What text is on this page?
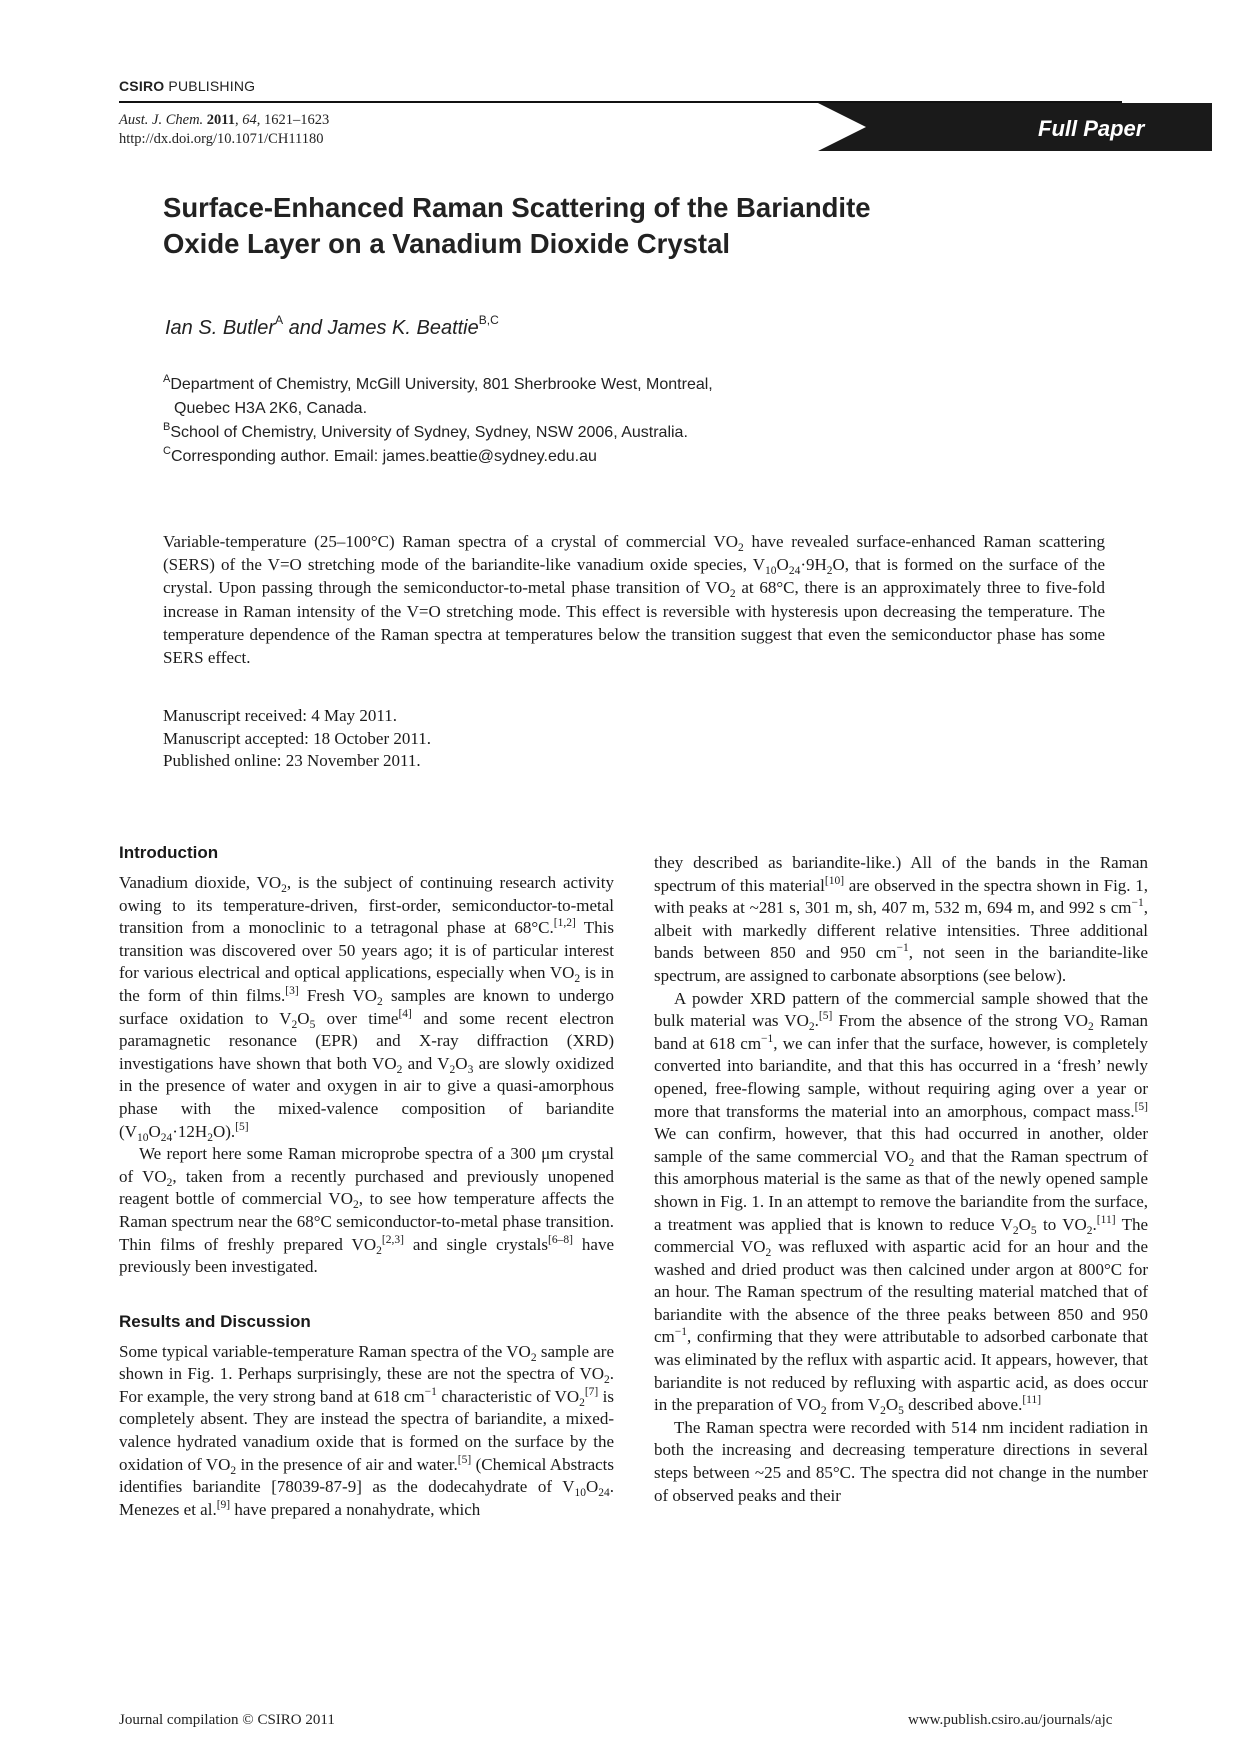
CSIRO PUBLISHING
Aust. J. Chem. 2011, 64, 1621–1623
http://dx.doi.org/10.1071/CH11180	Full Paper
Surface-Enhanced Raman Scattering of the Bariandite
Oxide Layer on a Vanadium Dioxide Crystal
Ian S. Butler$^A$ and James K. Beattie$^{B,C}$
$^A$Department of Chemistry, McGill University, 801 Sherbrooke West, Montreal,
Quebec H3A 2K6, Canada.
$^B$School of Chemistry, University of Sydney, Sydney, NSW 2006, Australia.
$^C$Corresponding author. Email: james.beattie@sydney.edu.au
Variable-temperature (25–100°C) Raman spectra of a crystal of commercial $VO_2$ have revealed surface-enhanced Raman scattering (SERS) of the V=O stretching mode of the bariandite-like vanadium oxide species, $V_{10}O_{24}\cdot 9H_2O$, that is formed on the surface of the crystal. Upon passing through the semiconductor-to-metal phase transition of $VO_2$ at 68°C, there is an approximately three to five-fold increase in Raman intensity of the V=O stretching mode. This effect is reversible with hysteresis upon decreasing the temperature. The temperature dependence of the Raman spectra at temperatures below the transition suggest that even the semiconductor phase has some SERS effect.
Manuscript received: 4 May 2011.
Manuscript accepted: 18 October 2011.
Published online: 23 November 2011.
Introduction

Vanadium dioxide, $VO_2$, is the subject of continuing research activity owing to its temperature-driven, first-order, semiconductor-to-metal transition from a monoclinic to a tetragonal phase at 68°C.[1,2] This transition was discovered over 50 years ago; it is of particular interest for various electrical and optical applications, especially when $VO_2$ is in the form of thin films.[3] Fresh $VO_2$ samples are known to undergo surface oxidation to $V_2O_5$ over time[4] and some recent electron paramagnetic resonance (EPR) and X-ray diffraction (XRD) investigations have shown that both $VO_2$ and $V_2O_3$ are slowly oxidized in the presence of water and oxygen in air to give a quasi-amorphous phase with the mixed-valence composition of bariandite $(V_{10}O_{24}\cdot 12H_2O).[5]$

We report here some Raman microprobe spectra of a 300 μm crystal of $VO_2$, taken from a recently purchased and previously unopened reagent bottle of commercial $VO_2$, to see how temperature affects the Raman spectrum near the 68°C semiconductor-to-metal phase transition. Thin films of freshly prepared $VO_2[2,3]$ and single crystals[6–8] have previously been investigated.

Results and Discussion

Some typical variable-temperature Raman spectra of the $VO_2$ sample are shown in Fig. 1. Perhaps surprisingly, these are not the spectra of $VO_2$. For example, the very strong band at 618 $cm^{-1}$ characteristic of $VO_2[7]$ is completely absent. They are instead the spectra of bariandite, a mixed-valence hydrated vanadium oxide that is formed on the surface by the oxidation of $VO_2$ in the presence of air and water.[5] (Chemical Abstracts identifies bariandite [78039-87-9] as the dodecahydrate of $V_{10}O_{24}$. Menezes et al.[9] have prepared a nonahydrate, which

they described as bariandite-like.) All of the bands in the Raman spectrum of this material[10] are observed in the spectra shown in Fig. 1, with peaks at ~281 s, 301 m, sh, 407 m, 532 m, 694 m, and 992 s $cm^{-1}$, albeit with markedly different relative intensities. Three additional bands between 850 and 950 $cm^{-1}$, not seen in the bariandite-like spectrum, are assigned to carbonate absorptions (see below).

A powder XRD pattern of the commercial sample showed that the bulk material was $VO_2.[5]$ From the absence of the strong $VO_2$ Raman band at 618 $cm^{-1}$, we can infer that the surface, however, is completely converted into bariandite, and that this has occurred in a ‘fresh’ newly opened, free-flowing sample, without requiring aging over a year or more that transforms the material into an amorphous, compact mass.[5] We can confirm, however, that this had occurred in another, older sample of the same commercial $VO_2$ and that the Raman spectrum of this amorphous material is the same as that of the newly opened sample shown in Fig. 1. In an attempt to remove the bariandite from the surface, a treatment was applied that is known to reduce $V_2O_5$ to $VO_2.[11]$ The commercial $VO_2$ was refluxed with aspartic acid for an hour and the washed and dried product was then calcined under argon at 800°C for an hour. The Raman spectrum of the resulting material matched that of bariandite with the absence of the three peaks between 850 and 950 $cm^{-1}$, confirming that they were attributable to adsorbed carbonate that was eliminated by the reflux with aspartic acid. It appears, however, that bariandite is not reduced by refluxing with aspartic acid, as does occur in the preparation of $VO_2$ from $V_2O_5$ described above.[11]

The Raman spectra were recorded with 514 nm incident radiation in both the increasing and decreasing temperature directions in several steps between ~25 and 85°C. The spectra did not change in the number of observed peaks and their

Journal compilation © CSIRO 2011	www.publish.csiro.au/journals/ajc
